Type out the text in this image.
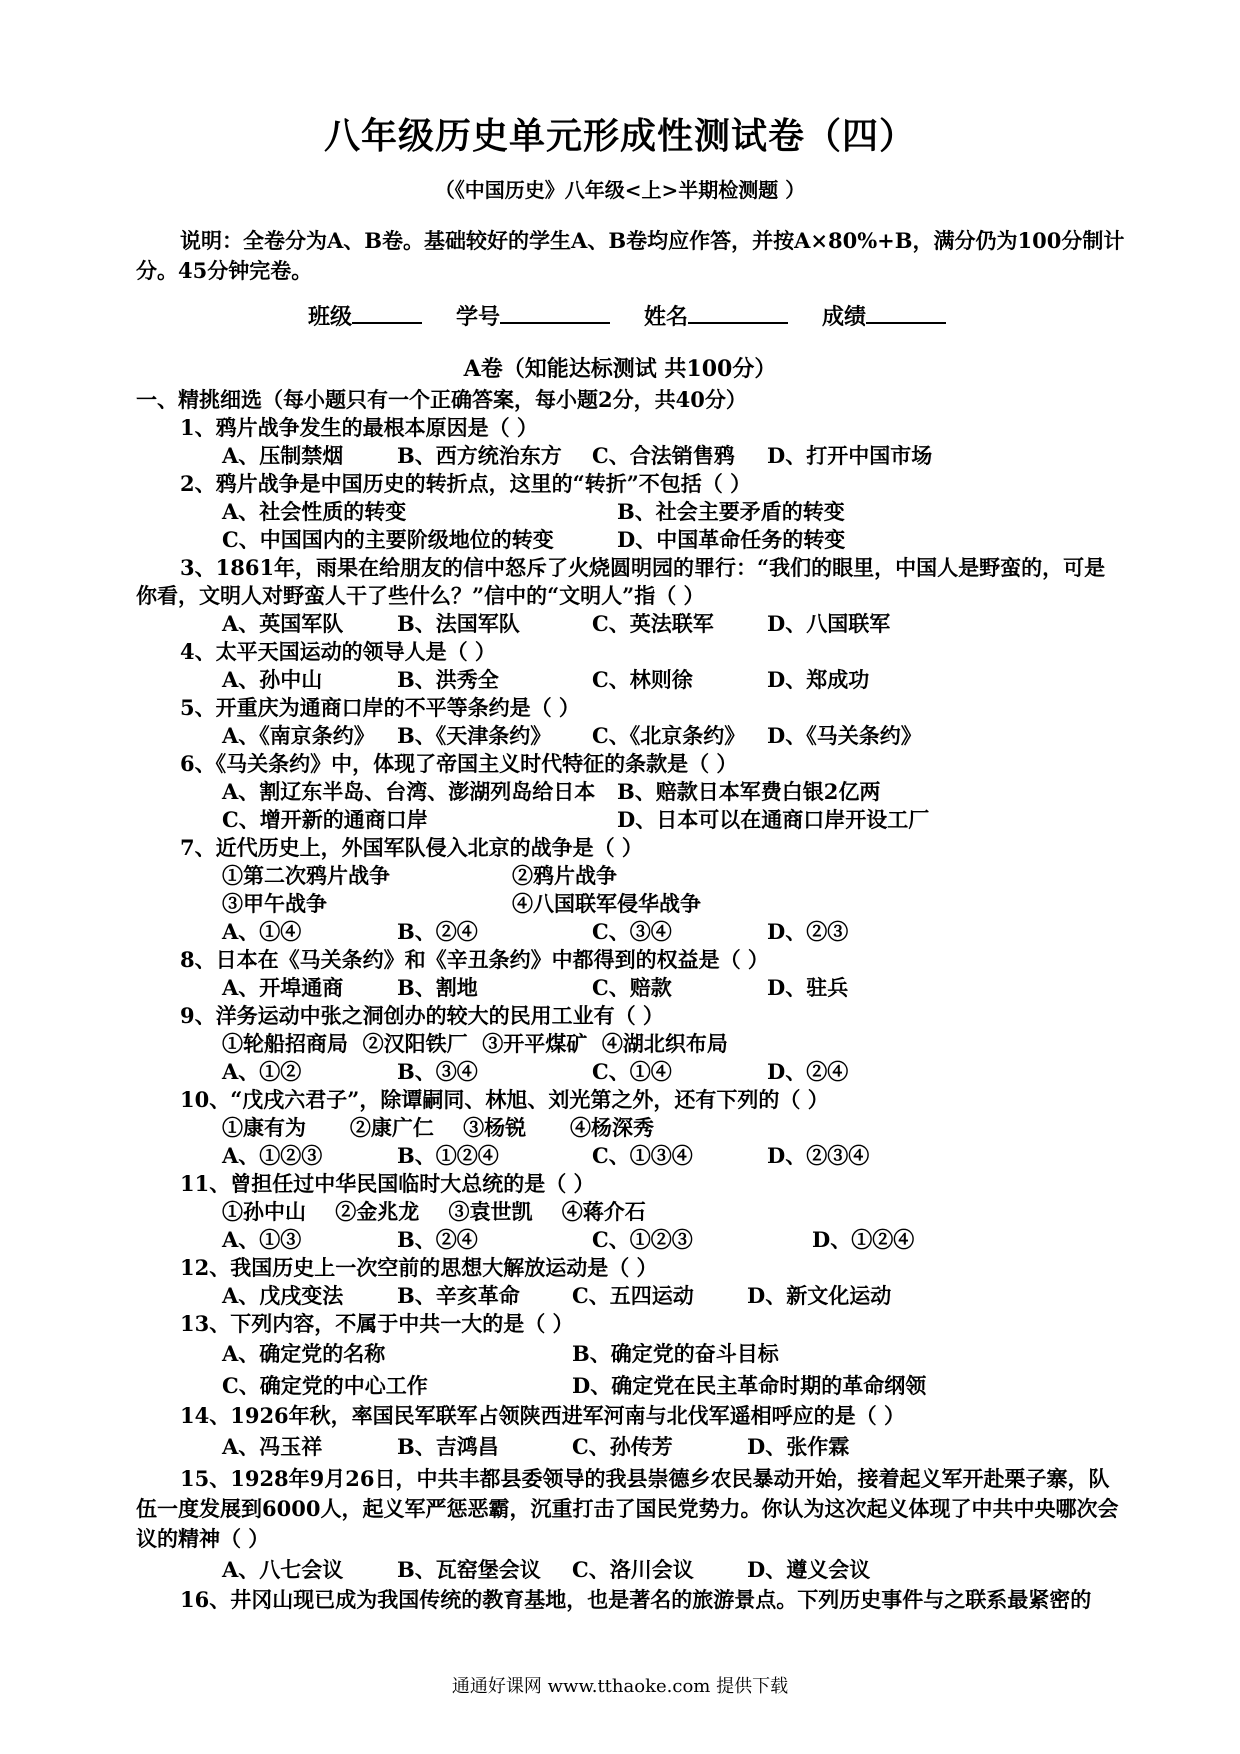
八年级历史单元形成性测试卷（四）
（《中国历史》八年级<上>半期检测题 ）
说明：全卷分为A、B卷。基础较好的学生A、B卷均应作答，并按A×80%+B，满分仍为100分制计分。45分钟完卷。
班级	学号	姓名	成绩
A卷（知能达标测试 共100分）
一、精挑细选（每小题只有一个正确答案，每小题2分，共40分）
1、鸦片战争发生的最根本原因是（ ）
A、压制禁烟	B、西方统治东方	C、合法销售鸦	D、打开中国市场
2、鸦片战争是中国历史的转折点，这里的“转折”不包括（ ）
A、社会性质的转变	B、社会主要矛盾的转变
C、中国国内的主要阶级地位的转变	D、中国革命任务的转变
3、1861年，雨果在给朋友的信中怒斥了火烧圆明园的罪行：“我们的眼里，中国人是野蛮的，可是你看，文明人对野蛮人干了些什么？”信中的“文明人”指（ ）
A、英国军队	B、法国军队	C、英法联军	D、八国联军
4、太平天国运动的领导人是（ ）
A、孙中山	B、洪秀全	C、林则徐	D、郑成功
5、开重庆为通商口岸的不平等条约是（ ）
A、《南京条约》	B、《天津条约》	C、《北京条约》	D、《马关条约》
6、《马关条约》中，体现了帝国主义时代特征的条款是（ ）
A、割辽东半岛、台湾、澎湖列岛给日本	B、赔款日本军费白银2亿两
C、增开新的通商口岸	D、日本可以在通商口岸开设工厂
7、近代历史上，外国军队侵入北京的战争是（ ）
①第二次鸦片战争	②鸦片战争
③甲午战争	④八国联军侵华战争
A、①④	B、②④	C、③④	D、②③
8、日本在《马关条约》和《辛丑条约》中都得到的权益是（ ）
A、开埠通商	B、割地	C、赔款	D、驻兵
9、洋务运动中张之洞创办的较大的民用工业有（ ）
①轮船招商局  ②汉阳铁厂  ③开平煤矿  ④湖北织布局
A、①②	B、③④	C、①④	D、②④
10、“戊戌六君子”，除谭嗣同、林旭、刘光第之外，还有下列的（ ）
①康有为      ②康广仁    ③杨锐      ④杨深秀
A、①②③	B、①②④	C、①③④	D、②③④
11、曾担任过中华民国临时大总统的是（ ）
①孙中山    ②金兆龙    ③袁世凯    ④蒋介石
A、①③	B、②④	C、①②③	D、①②④
12、我国历史上一次空前的思想大解放运动是（ ）
A、戊戌变法	B、辛亥革命	C、五四运动	D、新文化运动
13、下列内容，不属于中共一大的是（ ）
A、确定党的名称	B、确定党的奋斗目标
C、确定党的中心工作	D、确定党在民主革命时期的革命纲领
14、1926年秋，率国民军联军占领陕西进军河南与北伐军遥相呼应的是（ ）
A、冯玉祥	B、吉鸿昌	C、孙传芳	D、张作霖
15、1928年9月26日，中共丰都县委领导的我县崇德乡农民暴动开始，接着起义军开赴栗子寨，队伍一度发展到6000人，起义军严惩恶霸，沉重打击了国民党势力。你认为这次起义体现了中共中央哪次会议的精神（ ）
A、八七会议	B、瓦窑堡会议	C、洛川会议	D、遵义会议
16、井冈山现已成为我国传统的教育基地，也是著名的旅游景点。下列历史事件与之联系最紧密的
通通好课网 www.tthaoke.com 提供下载
